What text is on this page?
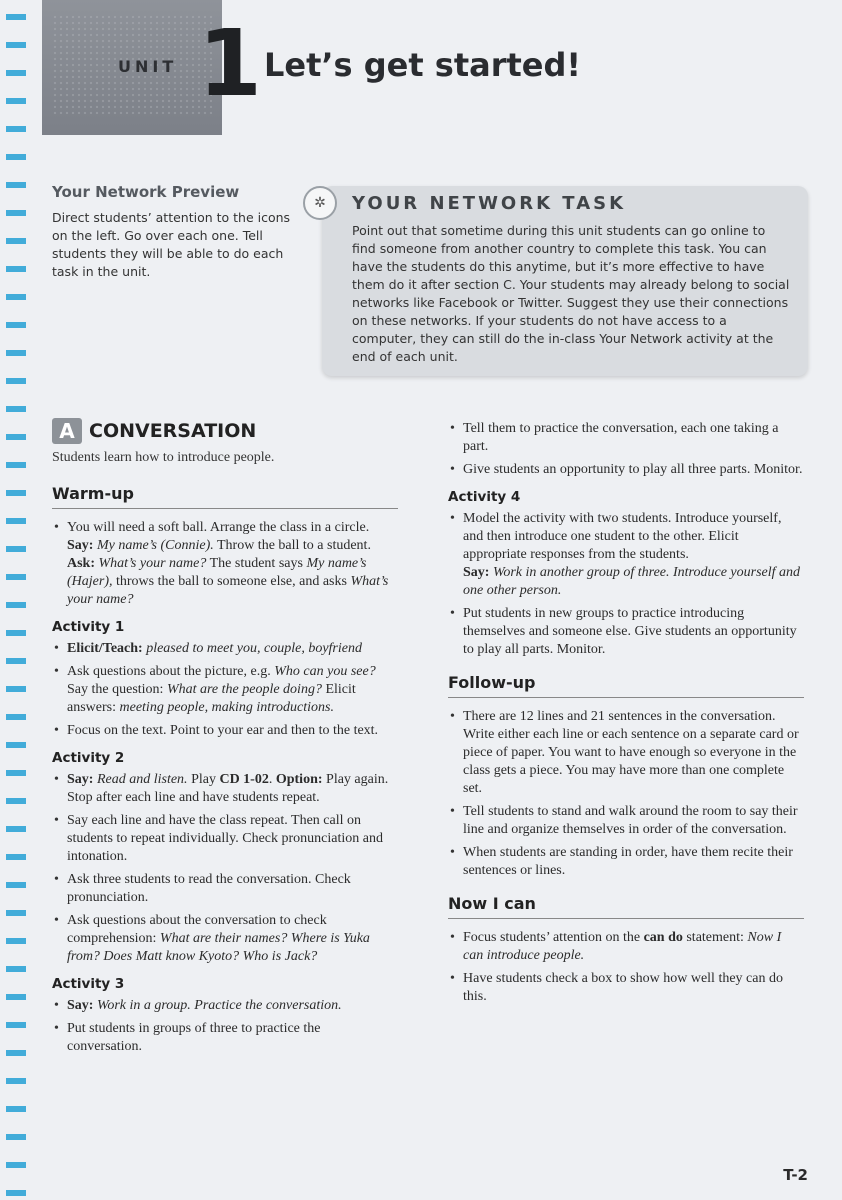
UNIT 1 Let’s get started!
Your Network Preview

Direct students’ attention to the icons on the left. Go over each one. Tell students they will be able to do each task in the unit.

✲	YOUR NETWORK TASK

Point out that sometime during this unit students can go online to find someone from another country to complete this task. You can have the students do this anytime, but it’s more effective to have them do it after section C. Your students may already belong to social networks like Facebook or Twitter. Suggest they use their connections on these networks. If your students do not have access to a computer, they can still do the in-class Your Network activity at the end of each unit.

A CONVERSATION

Students learn how to introduce people.

Warm-up
• You will need a soft ball. Arrange the class in a circle. Say: My name’s (Connie). Throw the ball to a student. Ask: What’s your name? The student says My name’s (Hajer), throws the ball to someone else, and asks What’s your name?
Activity 1
• Elicit/Teach: pleased to meet you, couple, boyfriend
• Ask questions about the picture, e.g. Who can you see? Say the question: What are the people doing? Elicit answers: meeting people, making introductions.
• Focus on the text. Point to your ear and then to the text.
Activity 2
• Say: Read and listen. Play CD 1-02. Option: Play again. Stop after each line and have students repeat.
• Say each line and have the class repeat. Then call on students to repeat individually. Check pronunciation and intonation.
• Ask three students to read the conversation. Check pronunciation.
• Ask questions about the conversation to check comprehension: What are their names? Where is Yuka from? Does Matt know Kyoto? Who is Jack?
Activity 3
• Say: Work in a group. Practice the conversation.
• Put students in groups of three to practice the conversation.
• Tell them to practice the conversation, each one taking a part.
• Give students an opportunity to play all three parts. Monitor.
Activity 4
• Model the activity with two students. Introduce yourself, and then introduce one student to the other. Elicit appropriate responses from the students.
Say: Work in another group of three. Introduce yourself and one other person.
• Put students in new groups to practice introducing themselves and someone else. Give students an opportunity to play all parts. Monitor.
Follow-up
• There are 12 lines and 21 sentences in the conversation. Write either each line or each sentence on a separate card or piece of paper. You want to have enough so everyone in the class gets a piece. You may have more than one complete set.
• Tell students to stand and walk around the room to say their line and organize themselves in order of the conversation.
• When students are standing in order, have them recite their sentences or lines.
Now I can
• Focus students’ attention on the can do statement: Now I can introduce people.
• Have students check a box to show how well they can do this.
T-2
